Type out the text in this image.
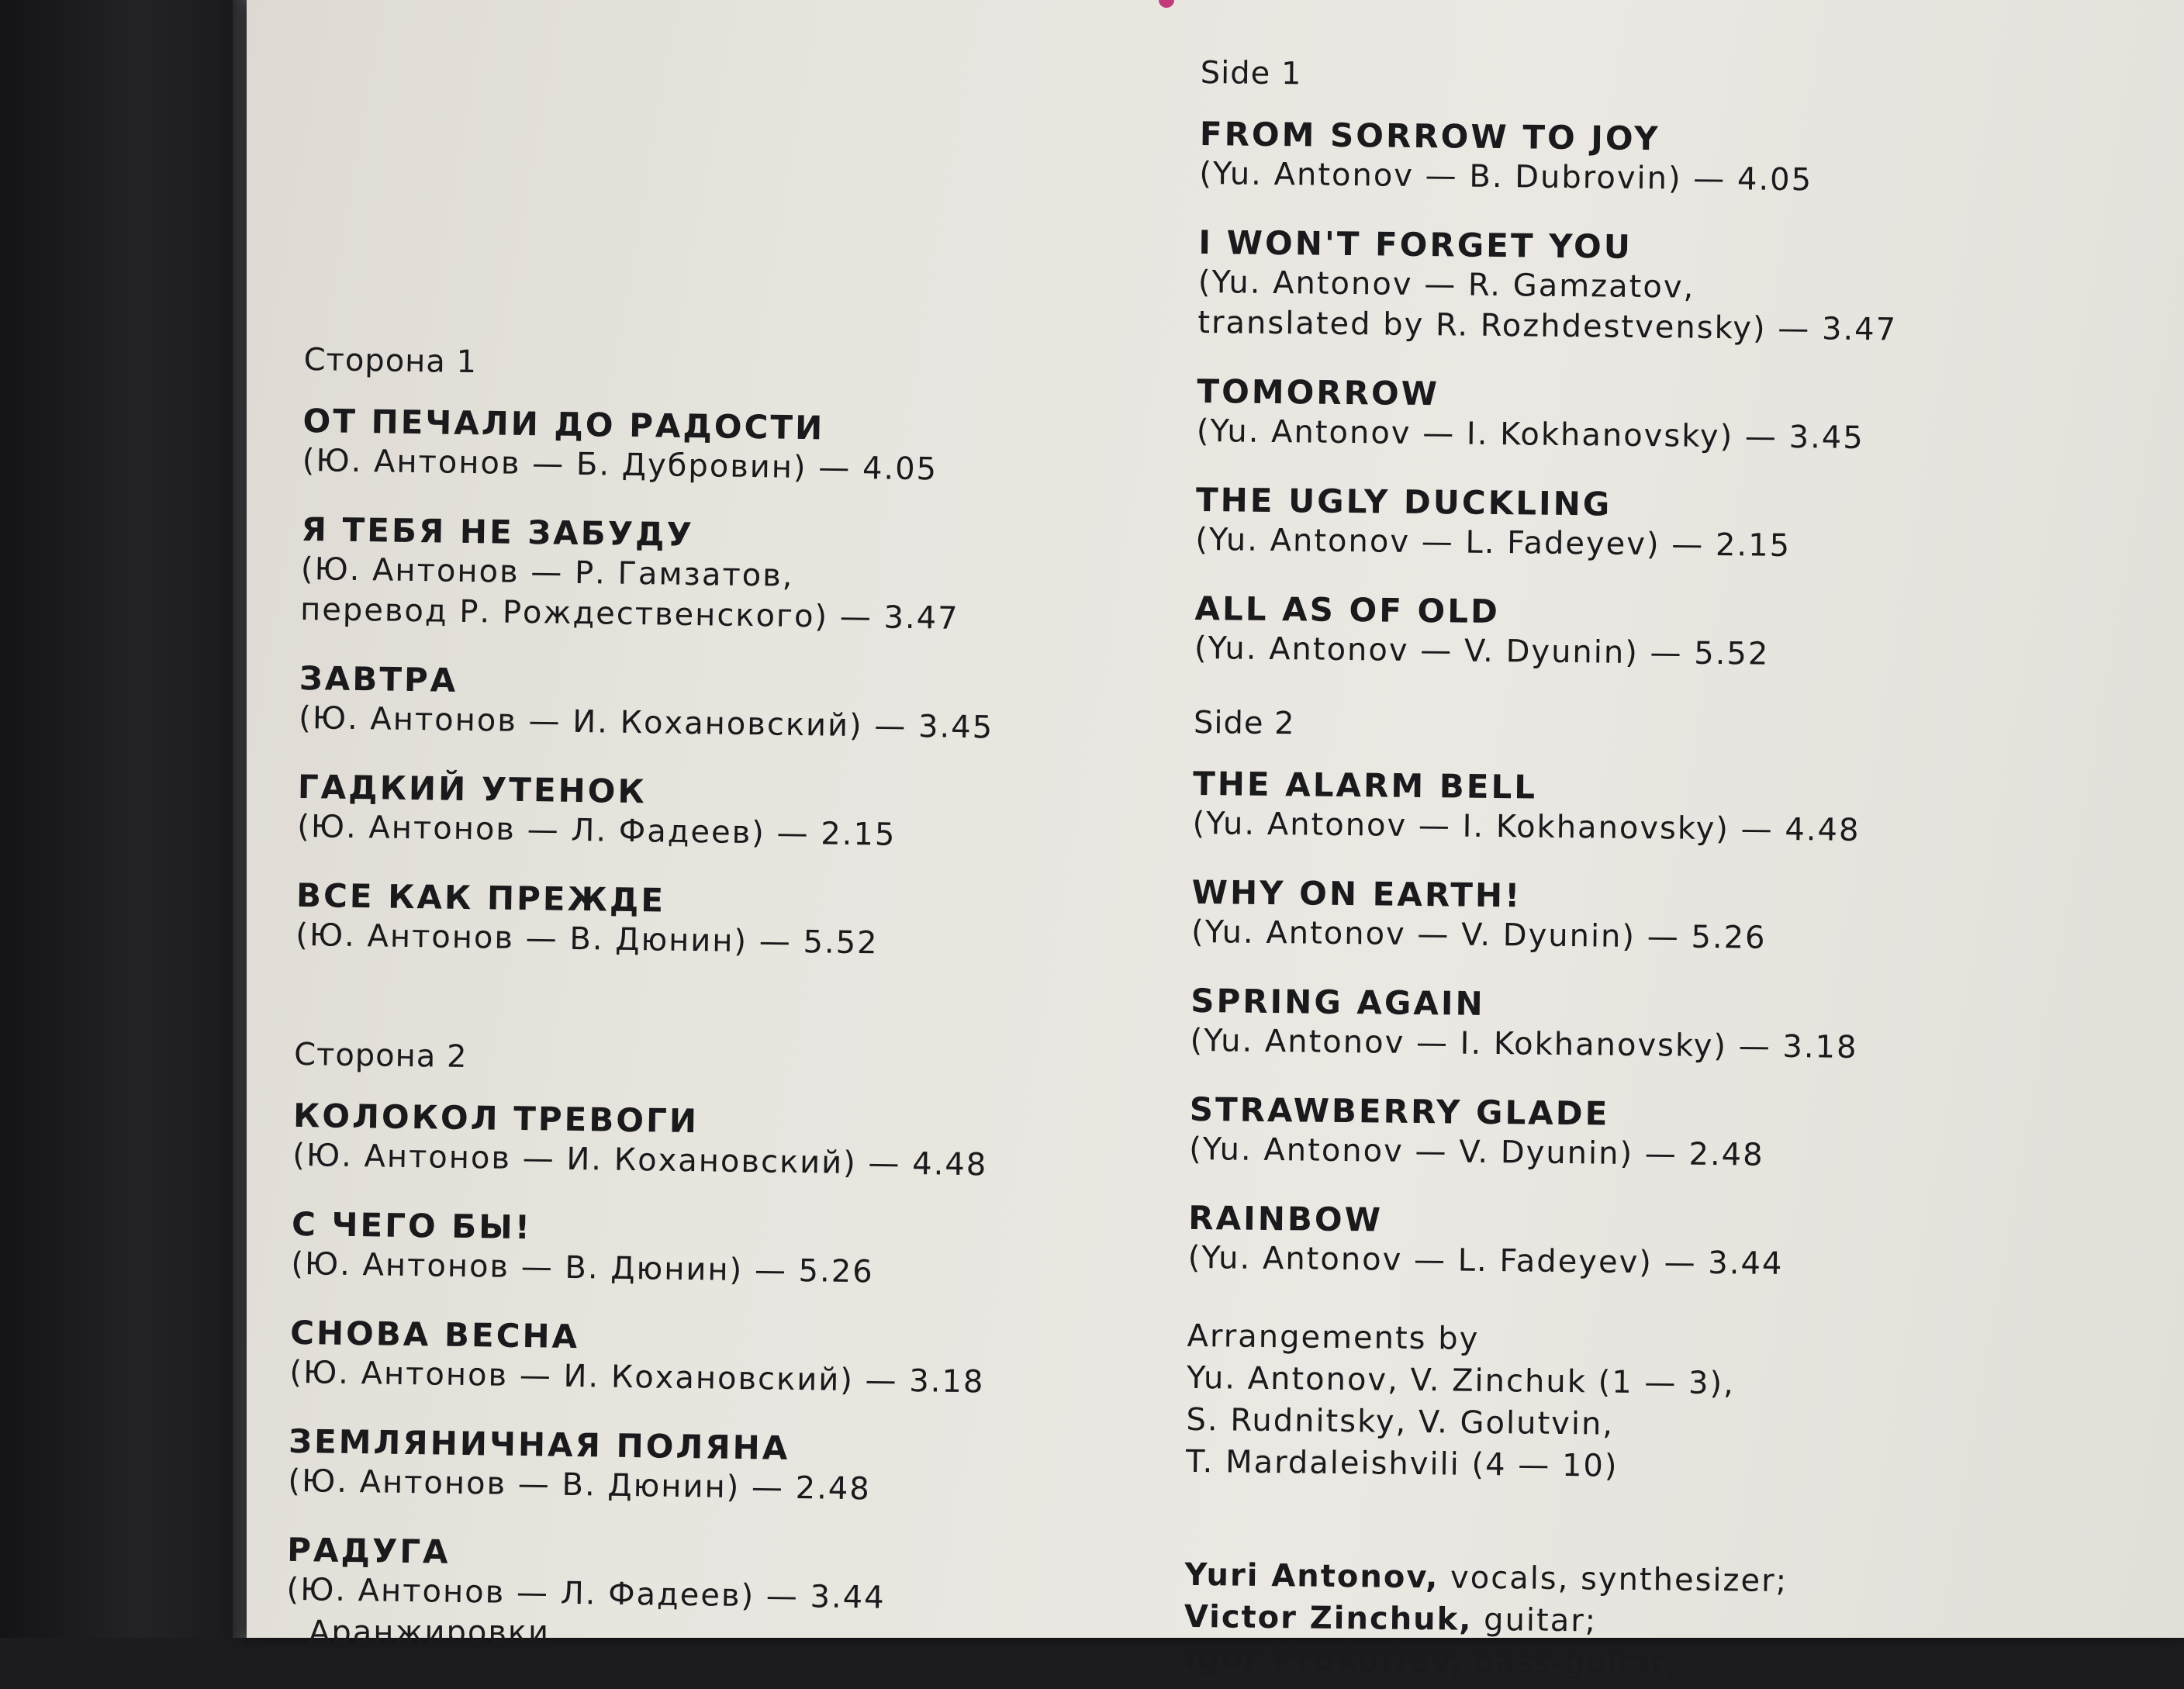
Сторона 1
ОТ ПЕЧАЛИ ДО РАДОСТИ
(Ю. Антонов — Б. Дубровин) — 4.05
Я ТЕБЯ НЕ ЗАБУДУ
(Ю. Антонов — Р. Гамзатов,
перевод Р. Рождественского) — 3.47
ЗАВТРА
(Ю. Антонов — И. Кохановский) — 3.45
ГАДКИЙ УТЕНОК
(Ю. Антонов — Л. Фадеев) — 2.15
ВСЕ КАК ПРЕЖДЕ
(Ю. Антонов — В. Дюнин) — 5.52
Сторона 2
КОЛОКОЛ ТРЕВОГИ
(Ю. Антонов — И. Кохановский) — 4.48
С ЧЕГО БЫ!
(Ю. Антонов — В. Дюнин) — 5.26
СНОВА ВЕСНА
(Ю. Антонов — И. Кохановский) — 3.18
ЗЕМЛЯНИЧНАЯ ПОЛЯНА
(Ю. Антонов — В. Дюнин) — 2.48
РАДУГА
(Ю. Антонов — Л. Фадеев) — 3.44
Side 1
FROM SORROW TO JOY
(Yu. Antonov — B. Dubrovin) — 4.05
I WON'T FORGET YOU
(Yu. Antonov — R. Gamzatov,
translated by R. Rozhdestvensky) — 3.47
TOMORROW
(Yu. Antonov — I. Kokhanovsky) — 3.45
THE UGLY DUCKLING
(Yu. Antonov — L. Fadeyev) — 2.15
ALL AS OF OLD
(Yu. Antonov — V. Dyunin) — 5.52
Side 2
THE ALARM BELL
(Yu. Antonov — I. Kokhanovsky) — 4.48
WHY ON EARTH!
(Yu. Antonov — V. Dyunin) — 5.26
SPRING AGAIN
(Yu. Antonov — I. Kokhanovsky) — 3.18
STRAWBERRY GLADE
(Yu. Antonov — V. Dyunin) — 2.48
RAINBOW
(Yu. Antonov — L. Fadeyev) — 3.44
Arrangements by
Yu. Antonov, V. Zinchuk (1 — 3),
S. Rudnitsky, V. Golutvin,
T. Mardaleishvili (4 — 10)
Yuri Antonov, vocals, synthesizer;
Victor Zinchuk, guitar;
Igor Prokofiev, bass-guitar;
Аранжировки
